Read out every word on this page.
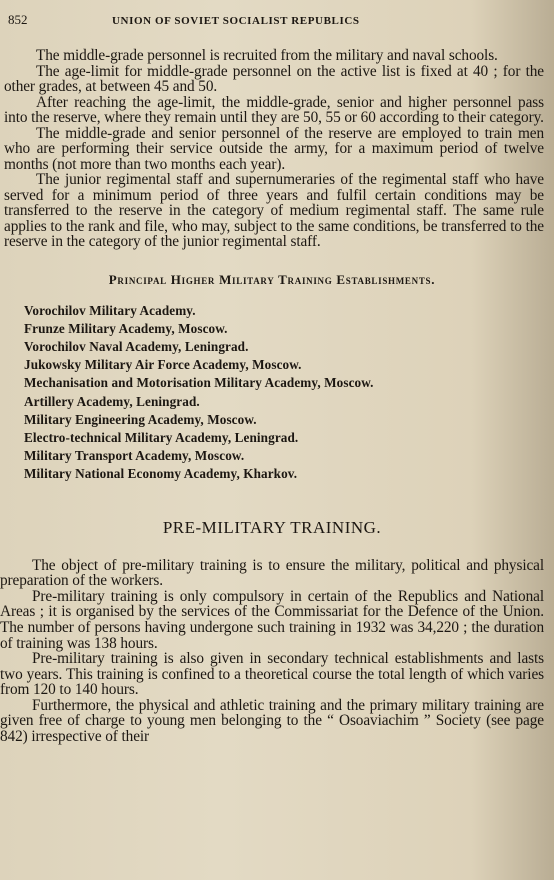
852	UNION OF SOVIET SOCIALIST REPUBLICS

The middle-grade personnel is recruited from the military and naval schools.

The age-limit for middle-grade personnel on the active list is fixed at 40 ; for the other grades, at between 45 and 50.

After reaching the age-limit, the middle-grade, senior and higher personnel pass into the reserve, where they remain until they are 50, 55 or 60 according to their category.

The middle-grade and senior personnel of the reserve are employed to train men who are performing their service outside the army, for a maximum period of twelve months (not more than two months each year).

The junior regimental staff and supernumeraries of the regimental staff who have served for a minimum period of three years and fulfil certain conditions may be transferred to the reserve in the category of medium regimental staff. The same rule applies to the rank and file, who may, subject to the same conditions, be transferred to the reserve in the category of the junior regimental staff.

Principal Higher Military Training Establishments.
Vorochilov Military Academy.
Frunze Military Academy, Moscow.
Vorochilov Naval Academy, Leningrad.
Jukowsky Military Air Force Academy, Moscow.
Mechanisation and Motorisation Military Academy, Moscow.
Artillery Academy, Leningrad.
Military Engineering Academy, Moscow.
Electro-technical Military Academy, Leningrad.
Military Transport Academy, Moscow.
Military National Economy Academy, Kharkov.
PRE-MILITARY TRAINING.

The object of pre-military training is to ensure the military, political and physical preparation of the workers.

Pre-military training is only compulsory in certain of the Republics and National Areas ; it is organised by the services of the Commissariat for the Defence of the Union. The number of persons having undergone such training in 1932 was 34,220 ; the duration of training was 138 hours.

Pre-military training is also given in secondary technical establishments and lasts two years. This training is confined to a theoretical course the total length of which varies from 120 to 140 hours.

Furthermore, the physical and athletic training and the primary military training are given free of charge to young men belonging to the “ Osoaviachim ” Society (see page 842) irrespective of their
